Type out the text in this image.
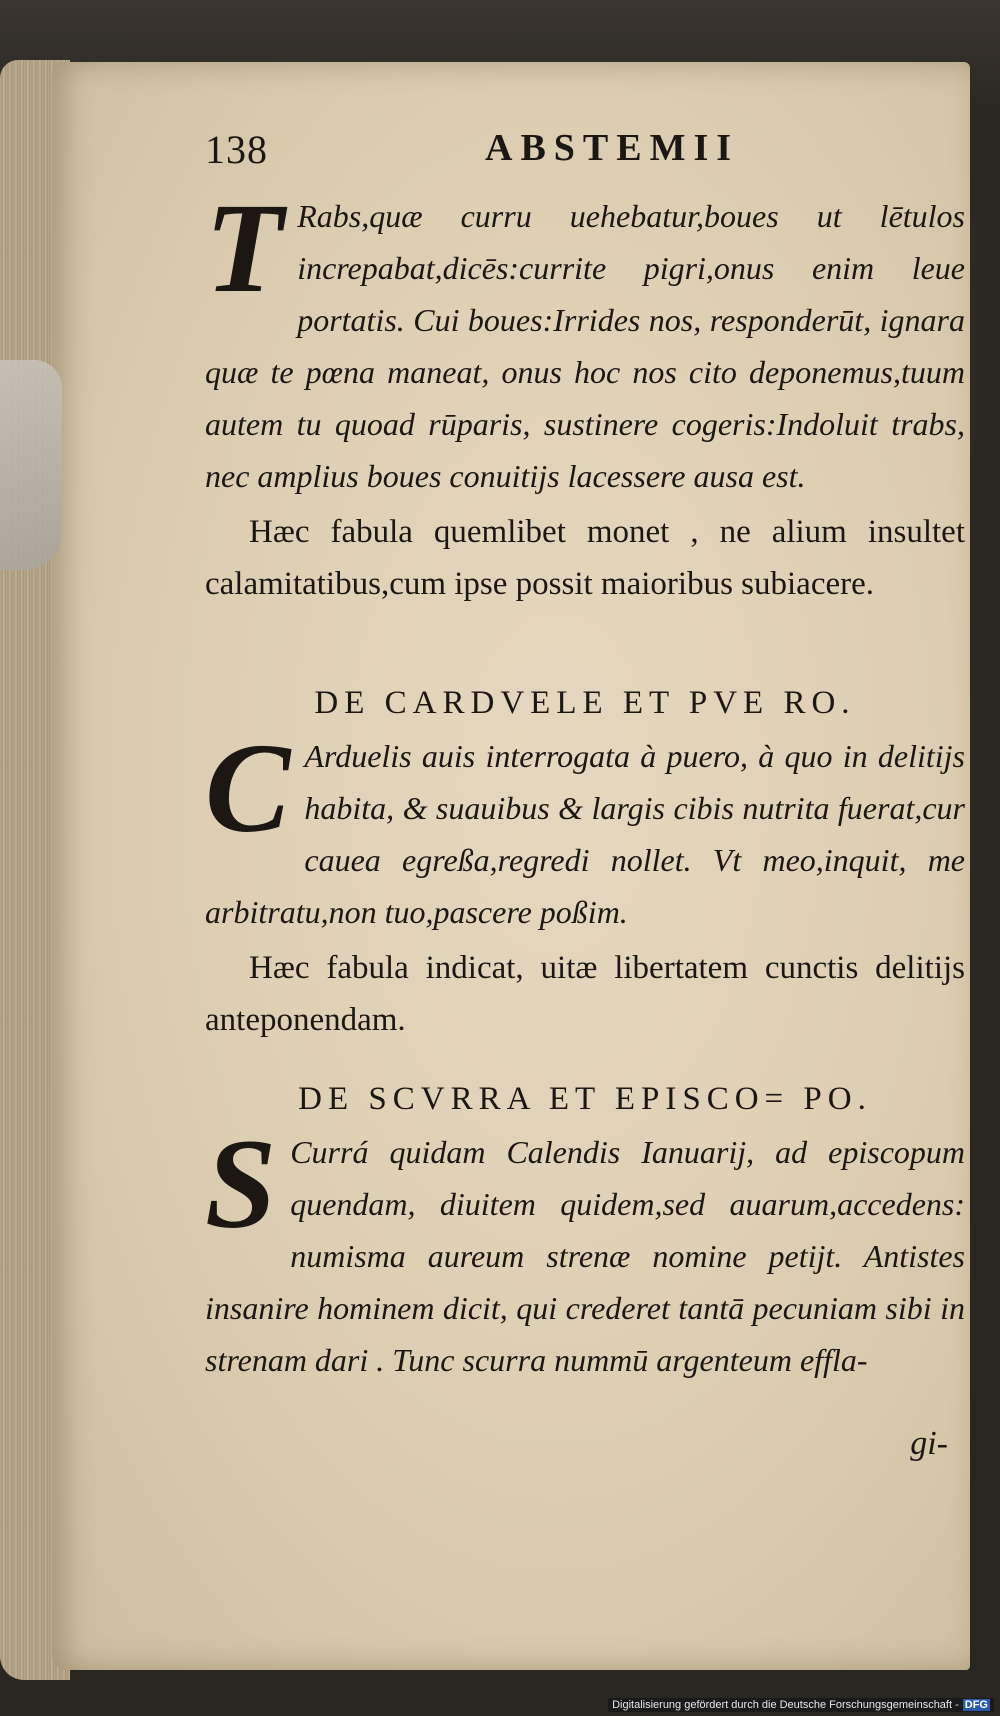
138	ABSTEMII
T Rabs,quæ curru uehebatur,boues ut lētulos increpabat,dicēs:currite pigri,onus enim leue portatis. Cui boues:Irrides nos, responderūt, ignara quæ te pœna maneat, onus hoc nos cito deponemus,tuum autem tu quoad rūparis, sustinere cogeris:Indoluit trabs, nec amplius boues conuitijs lacessere ausa est.
Hæc fabula quemlibet monet , ne alium insultet calamitatibus,cum ipse possit maioribus subiacere.
DE CARDVELE ET PVE RO.
C Arduelis auis interrogata à puero, à quo in delitijs habita, & suauibus & largis cibis nutrita fuerat,cur cauea egreßa,regredi nollet. Vt meo,inquit, me arbitratu,non tuo,pascere poßim.
Hæc fabula indicat, uitæ libertatem cunctis delitijs anteponendam.
DE SCVRRA ET EPISCO= PO.
S Currá quidam Calendis Ianuarij, ad episcopum quendam, diuitem quidem,sed auarum,accedens: numisma aureum strenæ nomine petijt. Antistes insanire hominem dicit, qui crederet tantā pecuniam sibi in strenam dari . Tunc scurra nummū argenteum effla-
gi-
Digitalisierung gefördert durch die Deutsche Forschungsgemeinschaft - DFG
